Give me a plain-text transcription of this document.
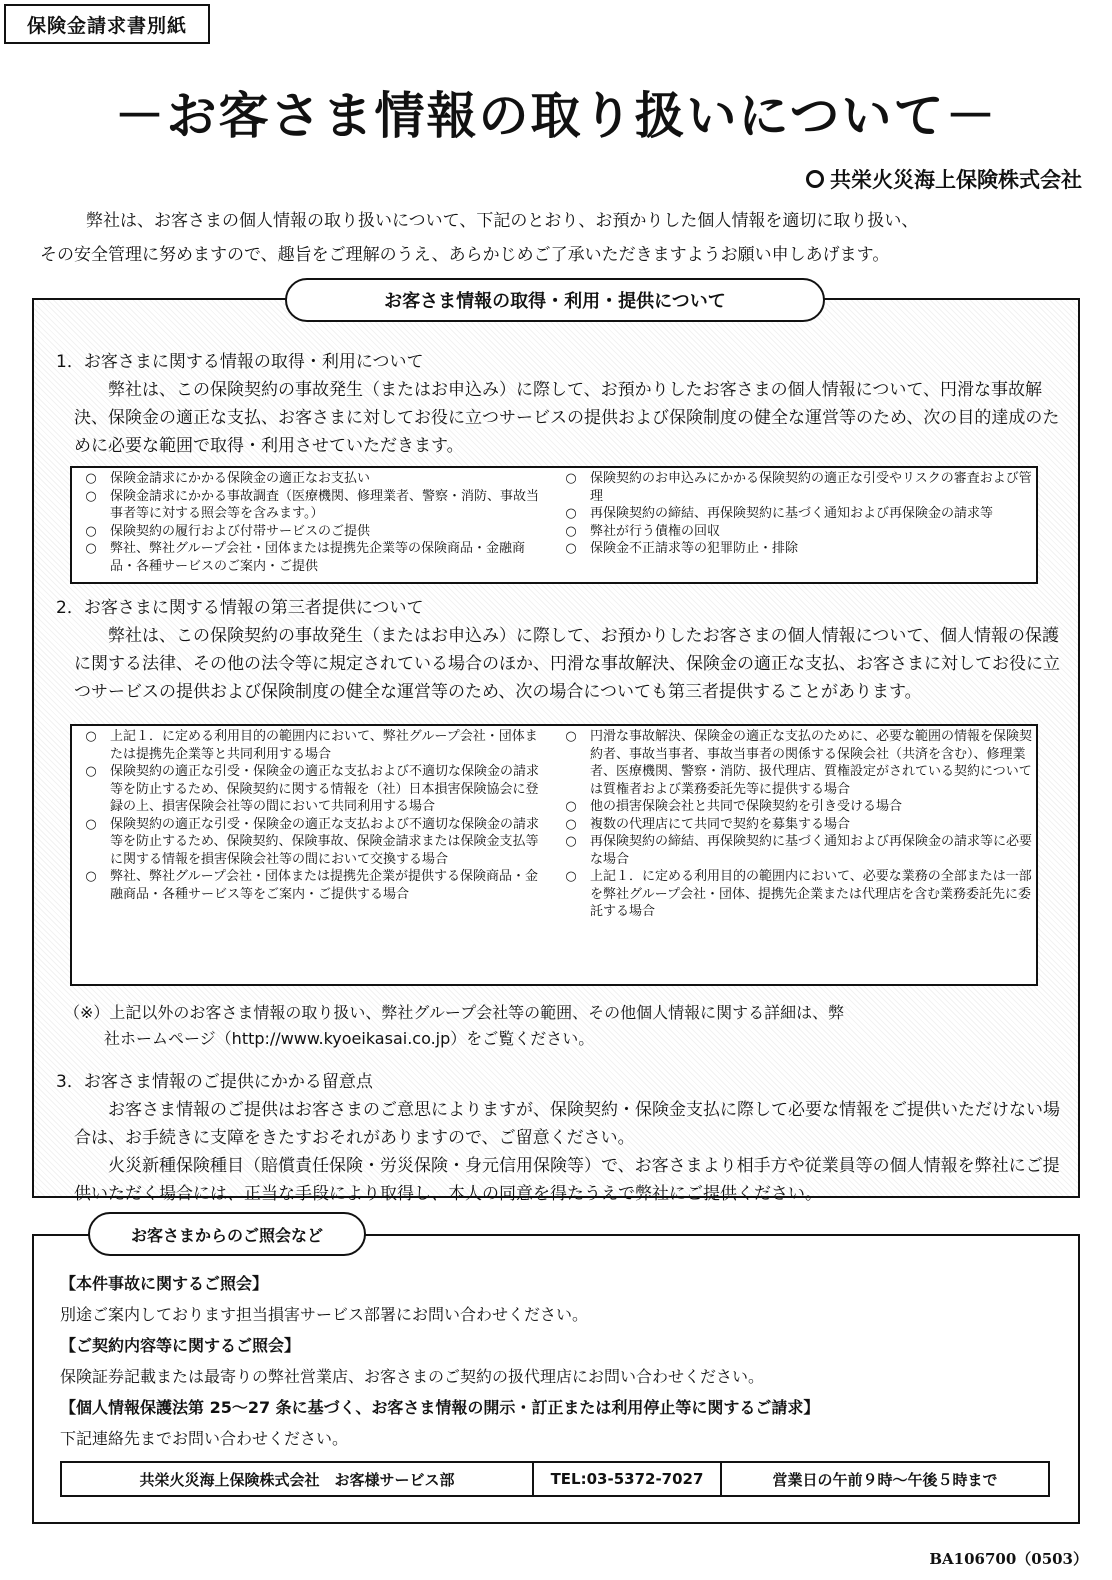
保険金請求書別紙
－お客さま情報の取り扱いについて－
共栄火災海上保険株式会社

弊社は、お客さまの個人情報の取り扱いについて、下記のとおり、お預かりした個人情報を適切に取り扱い、

その安全管理に努めますので、趣旨をご理解のうえ、あらかじめご了承いただきますようお願い申しあげます。

お客さま情報の取得・利用・提供について
1．お客さまに関する情報の取得・利用について
弊社は、この保険契約の事故発生（またはお申込み）に際して、お預かりしたお客さまの個人情報について、円滑な事故解決、保険金の適正な支払、お客さまに対してお役に立つサービスの提供および保険制度の健全な運営等のため、次の目的達成のために必要な範囲で取得・利用させていただきます。
○	保険金請求にかかる保険金の適正なお支払い
○	保険金請求にかかる事故調査（医療機関、修理業者、警察・消防、事故当事者等に対する照会等を含みます。）
○	保険契約の履行および付帯サービスのご提供
○	弊社、弊社グループ会社・団体または提携先企業等の保険商品・金融商品・各種サービスのご案内・ご提供
○	保険契約のお申込みにかかる保険契約の適正な引受やリスクの審査および管理
○	再保険契約の締結、再保険契約に基づく通知および再保険金の請求等
○	弊社が行う債権の回収
○	保険金不正請求等の犯罪防止・排除
2．お客さまに関する情報の第三者提供について
弊社は、この保険契約の事故発生（またはお申込み）に際して、お預かりしたお客さまの個人情報について、個人情報の保護に関する法律、その他の法令等に規定されている場合のほか、円滑な事故解決、保険金の適正な支払、お客さまに対してお役に立つサービスの提供および保険制度の健全な運営等のため、次の場合についても第三者提供することがあります。
○	上記１．に定める利用目的の範囲内において、弊社グループ会社・団体または提携先企業等と共同利用する場合
○	保険契約の適正な引受・保険金の適正な支払および不適切な保険金の請求等を防止するため、保険契約に関する情報を（社）日本損害保険協会に登録の上、損害保険会社等の間において共同利用する場合
○	保険契約の適正な引受・保険金の適正な支払および不適切な保険金の請求等を防止するため、保険契約、保険事故、保険金請求または保険金支払等に関する情報を損害保険会社等の間において交換する場合
○	弊社、弊社グループ会社・団体または提携先企業が提供する保険商品・金融商品・各種サービス等をご案内・ご提供する場合
○	円滑な事故解決、保険金の適正な支払のために、必要な範囲の情報を保険契約者、事故当事者、事故当事者の関係する保険会社（共済を含む）、修理業者、医療機関、警察・消防、扱代理店、質権設定がされている契約については質権者および業務委託先等に提供する場合
○	他の損害保険会社と共同で保険契約を引き受ける場合
○	複数の代理店にて共同で契約を募集する場合
○	再保険契約の締結、再保険契約に基づく通知および再保険金の請求等に必要な場合
○	上記１．に定める利用目的の範囲内において、必要な業務の全部または一部を弊社グループ会社・団体、提携先企業または代理店を含む業務委託先に委託する場合
（※）上記以外のお客さま情報の取り扱い、弊社グループ会社等の範囲、その他個人情報に関する詳細は、弊
社ホームページ（http://www.kyoeikasai.co.jp）をご覧ください。
3．お客さま情報のご提供にかかる留意点
お客さま情報のご提供はお客さまのご意思によりますが、保険契約・保険金支払に際して必要な情報をご提供いただけない場合は、お手続きに支障をきたすおそれがありますので、ご留意ください。
火災新種保険種目（賠償責任保険・労災保険・身元信用保険等）で、お客さまより相手方や従業員等の個人情報を弊社にご提供いただく場合には、正当な手段により取得し、本人の同意を得たうえで弊社にご提供ください。
お客さまからのご照会など

【本件事故に関するご照会】

別途ご案内しております担当損害サービス部署にお問い合わせください。

【ご契約内容等に関するご照会】

保険証券記載または最寄りの弊社営業店、お客さまのご契約の扱代理店にお問い合わせください。

【個人情報保護法第 25～27 条に基づく、お客さま情報の開示・訂正または利用停止等に関するご請求】

下記連絡先までお問い合わせください。

共栄火災海上保険株式会社　お客様サービス部	TEL:03-5372-7027	営業日の午前９時～午後５時まで
BA106700（0503）
